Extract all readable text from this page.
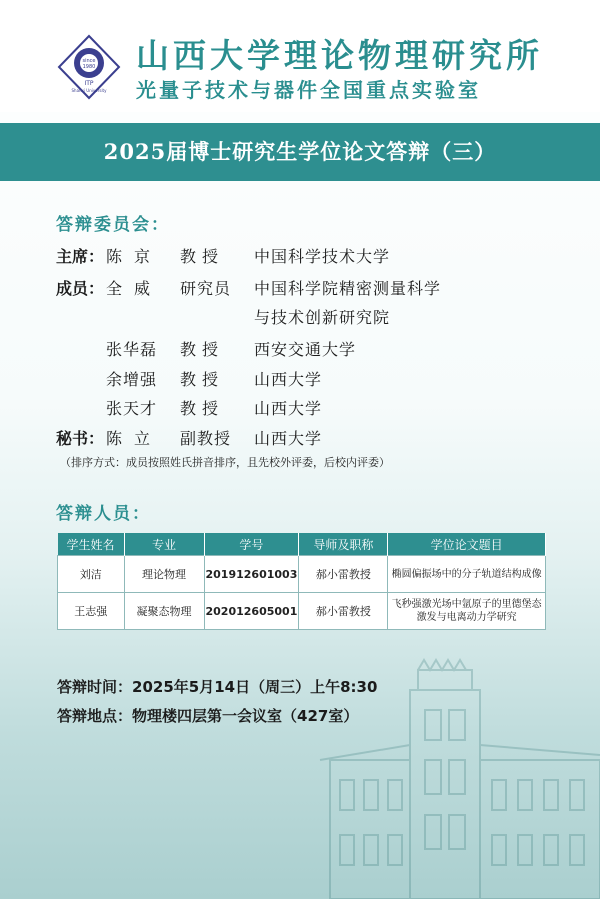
since
1980
ITP
Shanxi University
山西大学理论物理研究所
光量子技术与器件全国重点实验室
2025届博士研究生学位论文答辩（三）
答辩委员会：
主席： 陈京 教授 中国科学技术大学
成员： 全威 研究员 中国科学院精密测量科学
与技术创新研究院
张华磊 教授 西安交通大学
余增强 教授 山西大学
张天才 教授 山西大学
秘书： 陈立 副教授 山西大学
（排序方式：成员按照姓氏拼音排序，且先校外评委，后校内评委）
答辩人员：
学生姓名	专业	学号	导师及职称	学位论文题目
刘洁	理论物理	201912601003	郝小雷教授	椭圆偏振场中的分子轨道结构成像

王志强	凝聚态物理	202012605001	郝小雷教授	飞秒强激光场中氩原子的里德堡态
激发与电离动力学研究
答辩时间：2025年5月14日（周三）上午8:30
答辩地点：物理楼四层第一会议室（427室）
